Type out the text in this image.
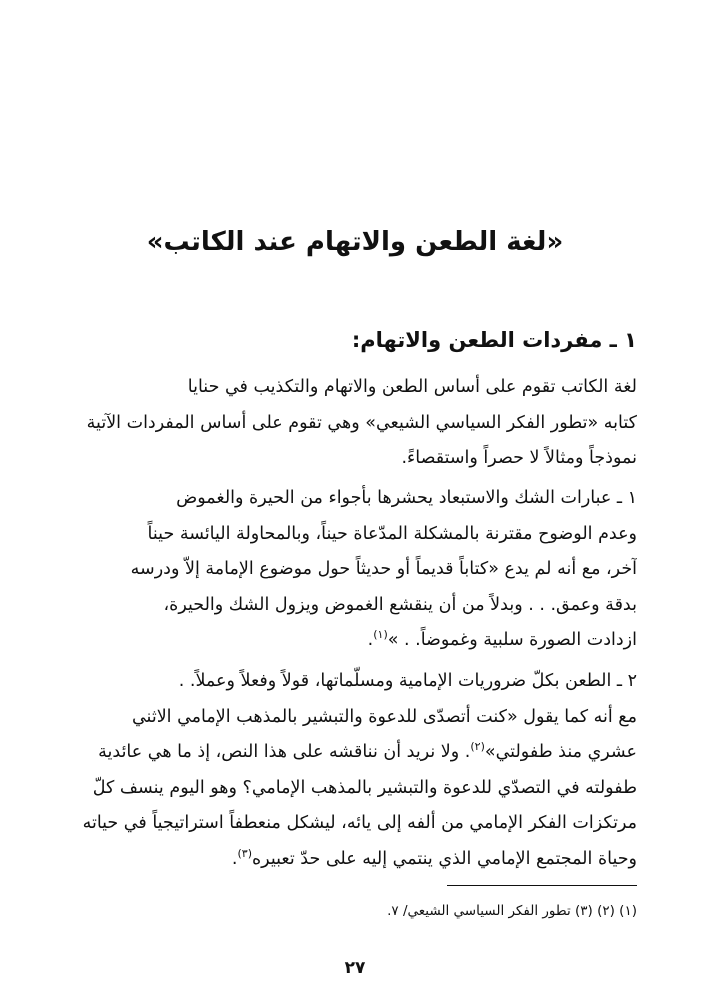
«لغة الطعن والاتهام عند الكاتب»
١ ـ مفردات الطعن والاتهام:
لغة الكاتب تقوم على أساس الطعن والاتهام والتكذيب في حنايا
كتابه «تطور الفكر السياسي الشيعي» وهي تقوم على أساس المفردات الآتية
نموذجاً ومثالاً لا حصراً واستقصاءً.
١ ـ عبارات الشك والاستبعاد يحشرها بأجواء من الحيرة والغموض
وعدم الوضوح مقترنة بالمشكلة المدّعاة حيناً، وبالمحاولة اليائسة حيناً
آخر، مع أنه لم يدع «كتاباً قديماً أو حديثاً حول موضوع الإمامة إلاّ ودرسه
بدقة وعمق. . . وبدلاً من أن ينقشع الغموض ويزول الشك والحيرة،
ازدادت الصورة سلبية وغموضاً. . »$^{(١)}$.
٢ ـ الطعن بكلّ ضروريات الإمامية ومسلّماتها، قولاً وفعلاً وعملاً. .
مع أنه كما يقول «كنت أتصدّى للدعوة والتبشير بالمذهب الإمامي الاثني
عشري منذ طفولتي»$^{(٢)}$. ولا نريد أن نناقشه على هذا النص، إذ ما هي عائدية
طفولته في التصدّي للدعوة والتبشير بالمذهب الإمامي؟ وهو اليوم ينسف كلّ
مرتكزات الفكر الإمامي من ألفه إلى يائه، ليشكل منعطفاً استراتيجياً في حياته
وحياة المجتمع الإمامي الذي ينتمي إليه على حدّ تعبيره$^{(٣)}$.
(١) (٢) (٣) تطور الفكر السياسي الشيعي/ ٧.
٢٧
